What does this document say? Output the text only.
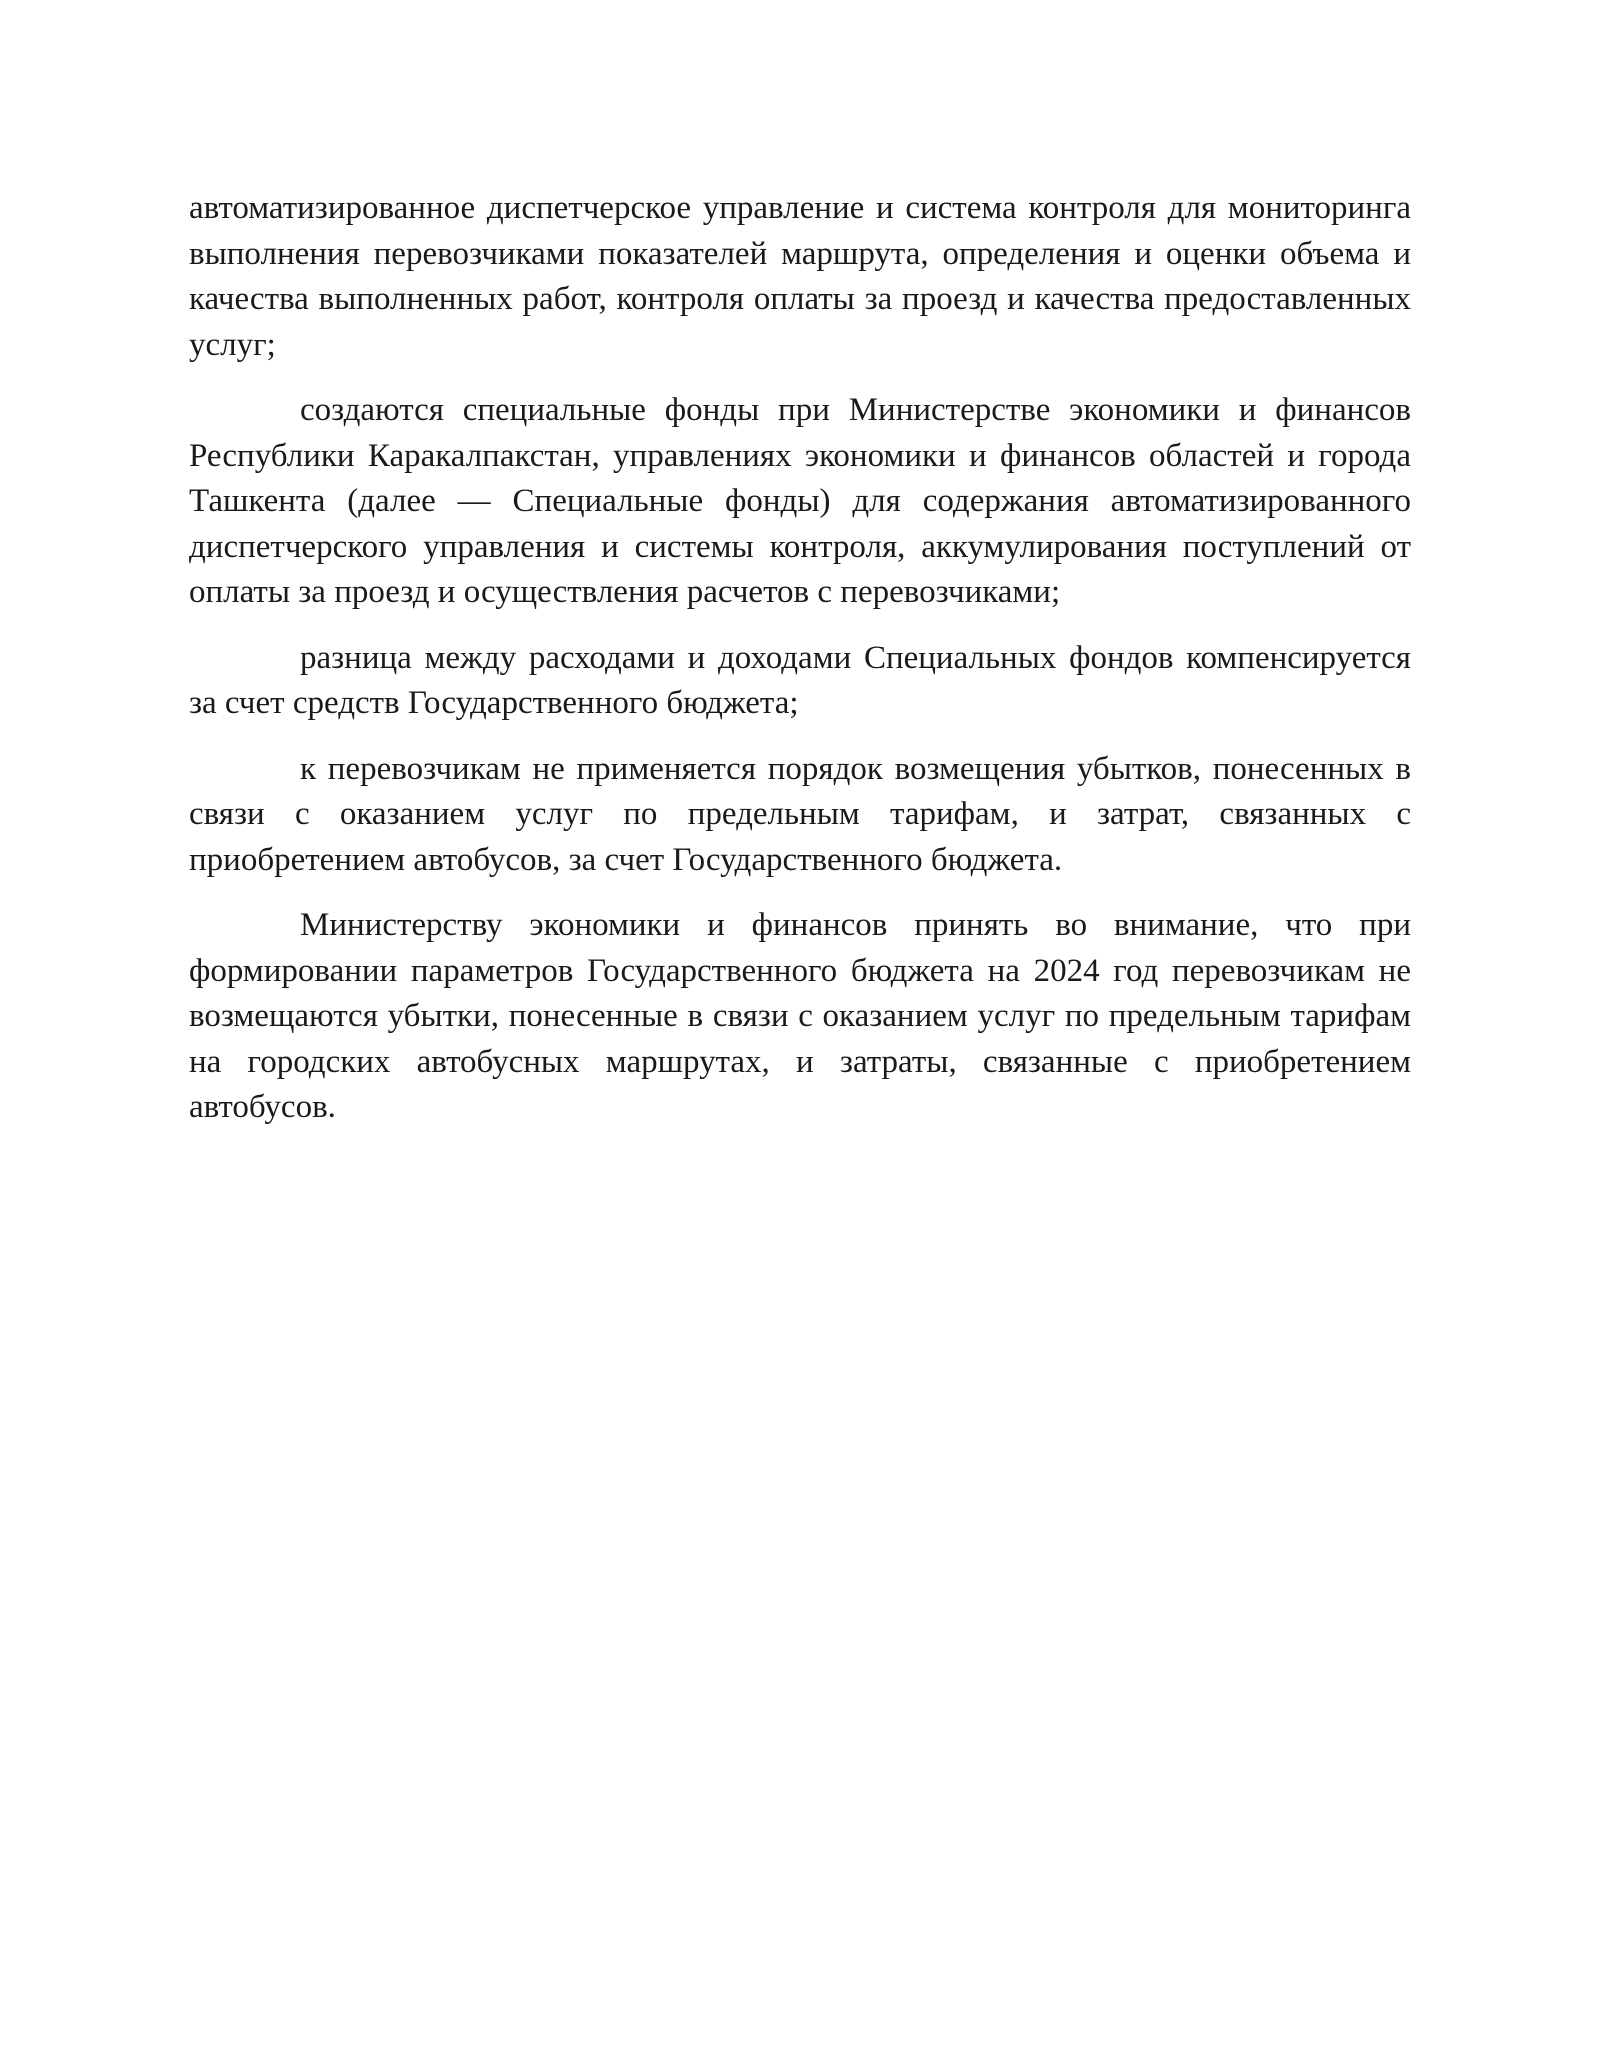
автоматизированное диспетчерское управление и система контроля для мониторинга выполнения перевозчиками показателей маршрута, определения и оценки объема и качества выполненных работ, контроля оплаты за проезд и качества предоставленных услуг;

создаются специальные фонды при Министерстве экономики и финансов Республики Каракалпакстан, управлениях экономики и финансов областей и города Ташкента (далее — Специальные фонды) для содержания автоматизированного диспетчерского управления и системы контроля, аккумулирования поступлений от оплаты за проезд и осуществления расчетов с перевозчиками;

разница между расходами и доходами Специальных фондов компенсируется за счет средств Государственного бюджета;

к перевозчикам не применяется порядок возмещения убытков, понесенных в связи с оказанием услуг по предельным тарифам, и затрат, связанных с приобретением автобусов, за счет Государственного бюджета.

Министерству экономики и финансов принять во внимание, что при формировании параметров Государственного бюджета на 2024 год перевозчикам не возмещаются убытки, понесенные в связи с оказанием услуг по предельным тарифам на городских автобусных маршрутах, и затраты, связанные с приобретением автобусов.
